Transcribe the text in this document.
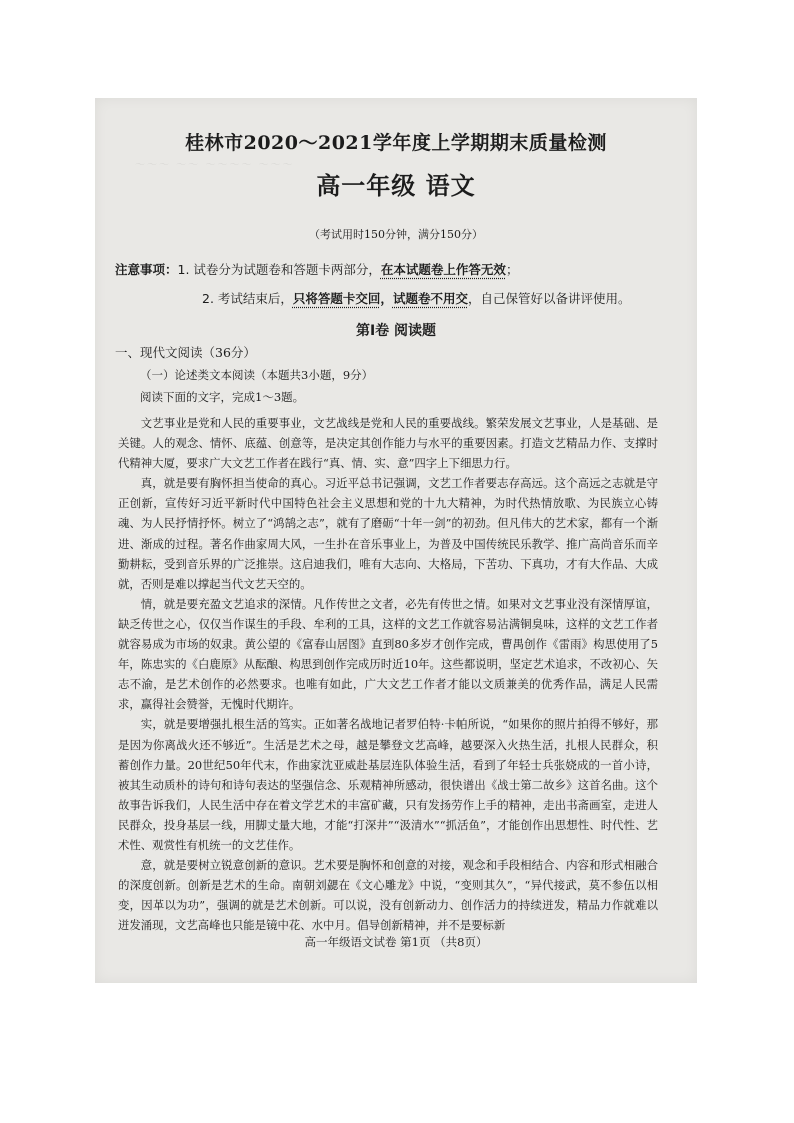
～～～ ～～ ～～～～ ～～～
桂林市2020～2021学年度上学期期末质量检测
高一年级 语文
（考试用时150分钟，满分150分）
注意事项：1. 试卷分为试题卷和答题卡两部分，在本试题卷上作答无效；
2. 考试结束后，只将答题卡交回，试题卷不用交，自己保管好以备讲评使用。
第Ⅰ卷 阅读题
一、现代文阅读（36分）
（一）论述类文本阅读（本题共3小题，9分）
阅读下面的文字，完成1～3题。

文艺事业是党和人民的重要事业，文艺战线是党和人民的重要战线。繁荣发展文艺事业，人是基础、是关键。人的观念、情怀、底蕴、创意等，是决定其创作能力与水平的重要因素。打造文艺精品力作、支撑时代精神大厦，要求广大文艺工作者在践行“真、情、实、意”四字上下细思力行。

真，就是要有胸怀担当使命的真心。习近平总书记强调，文艺工作者要志存高远。这个高远之志就是守正创新，宣传好习近平新时代中国特色社会主义思想和党的十九大精神，为时代热情放歌、为民族立心铸魂、为人民抒情抒怀。树立了“鸿鹄之志”，就有了磨砺“十年一剑”的初劲。但凡伟大的艺术家，都有一个渐进、渐成的过程。著名作曲家周大风，一生扑在音乐事业上，为普及中国传统民乐教学、推广高尚音乐而辛勤耕耘，受到音乐界的广泛推崇。这启迪我们，唯有大志向、大格局，下苦功、下真功，才有大作品、大成就，否则是难以撑起当代文艺天空的。

情，就是要充盈文艺追求的深情。凡作传世之文者，必先有传世之情。如果对文艺事业没有深情厚谊，缺乏传世之心，仅仅当作谋生的手段、牟利的工具，这样的文艺工作就容易沾满铜臭味，这样的文艺工作者就容易成为市场的奴隶。黄公望的《富春山居图》直到80多岁才创作完成，曹禺创作《雷雨》构思使用了5年，陈忠实的《白鹿原》从酝酿、构思到创作完成历时近10年。这些都说明，坚定艺术追求，不改初心、矢志不渝，是艺术创作的必然要求。也唯有如此，广大文艺工作者才能以文质兼美的优秀作品，满足人民需求，赢得社会赞誉，无愧时代期许。

实，就是要增强扎根生活的笃实。正如著名战地记者罗伯特·卡帕所说，“如果你的照片拍得不够好，那是因为你离战火还不够近”。生活是艺术之母，越是攀登文艺高峰，越要深入火热生活，扎根人民群众，积蓄创作力量。20世纪50年代末，作曲家沈亚威赴基层连队体验生活，看到了年轻士兵张娆成的一首小诗，被其生动质朴的诗句和诗句表达的坚强信念、乐观精神所感动，很快谱出《战士第二故乡》这首名曲。这个故事告诉我们，人民生活中存在着文学艺术的丰富矿藏，只有发扬劳作上手的精神，走出书斋画室，走进人民群众，投身基层一线，用脚丈量大地，才能“打深井”“汲清水”“抓活鱼”，才能创作出思想性、时代性、艺术性、观赏性有机统一的文艺佳作。

意，就是要树立锐意创新的意识。艺术要是胸怀和创意的对接，观念和手段相结合、内容和形式相融合的深度创新。创新是艺术的生命。南朝刘勰在《文心雕龙》中说，“变则其久”，“异代接武，莫不参伍以相变，因革以为功”，强调的就是艺术创新。可以说，没有创新动力、创作活力的持续迸发，精品力作就难以迸发涌现，文艺高峰也只能是镜中花、水中月。倡导创新精神，并不是要标新

高一年级语文试卷 第1页 （共8页）
